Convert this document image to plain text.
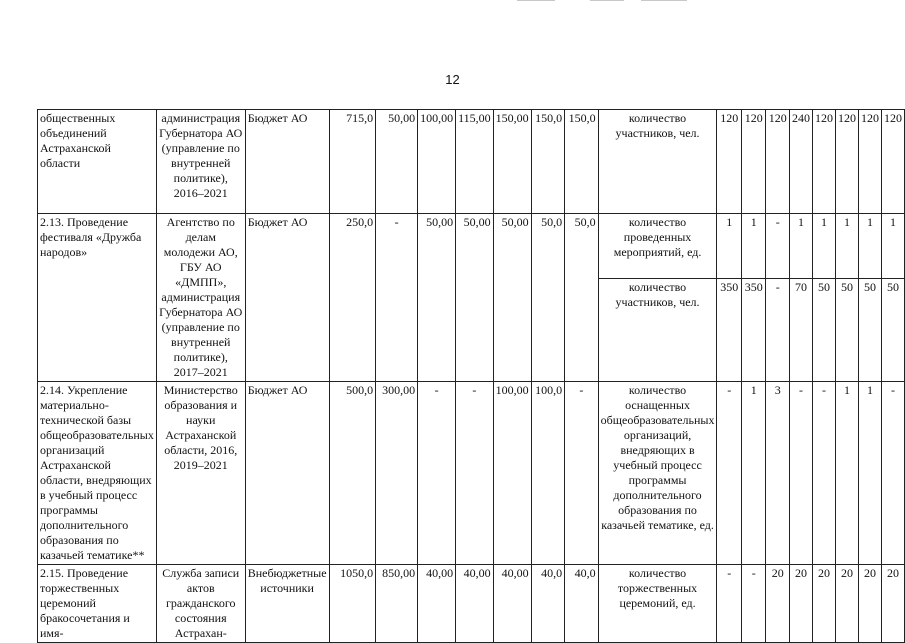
12
общественных объединений Астраханской области	администрация Губернатора АО (управление по внутренней политике), 2016–2021	Бюджет АО	715,0	50,00	100,00	115,00	150,00	150,0	150,0	количество участников, чел.	120	120	120	240	120	120	120	120
2.13. Проведение фестиваля «Дружба народов»	Агентство по делам молодежи АО, ГБУ АО «ДМПП», администрация Губернатора АО (управление по внутренней политике), 2017–2021	Бюджет АО	250,0	-	50,00	50,00	50,00	50,0	50,0	количество проведенных мероприятий, ед.	1	1	-	1	1	1	1	1
										количество участников, чел.	350	350	-	70	50	50	50	50
2.14. Укрепление материально-технической базы общеобразовательных организаций Астраханской области, внедряющих в учебный процесс программы дополнительного образования по казачьей тематике**	Министерство образования и науки Астраханской области, 2016, 2019–2021	Бюджет АО	500,0	300,00	-	-	100,00	100,0	-	количество оснащенных общеобразовательных организаций, внедряющих в учебный процесс программы дополнительного образования по казачьей тематике, ед.	-	1	3	-	-	1	1	-
2.15. Проведение торжественных церемоний бракосочетания и имя-	Служба записи актов гражданского состояния Астрахан-	Внебюджетные источники	1050,0	850,00	40,00	40,00	40,00	40,0	40,0	количество торжественных церемоний, ед.	-	-	20	20	20	20	20	20
